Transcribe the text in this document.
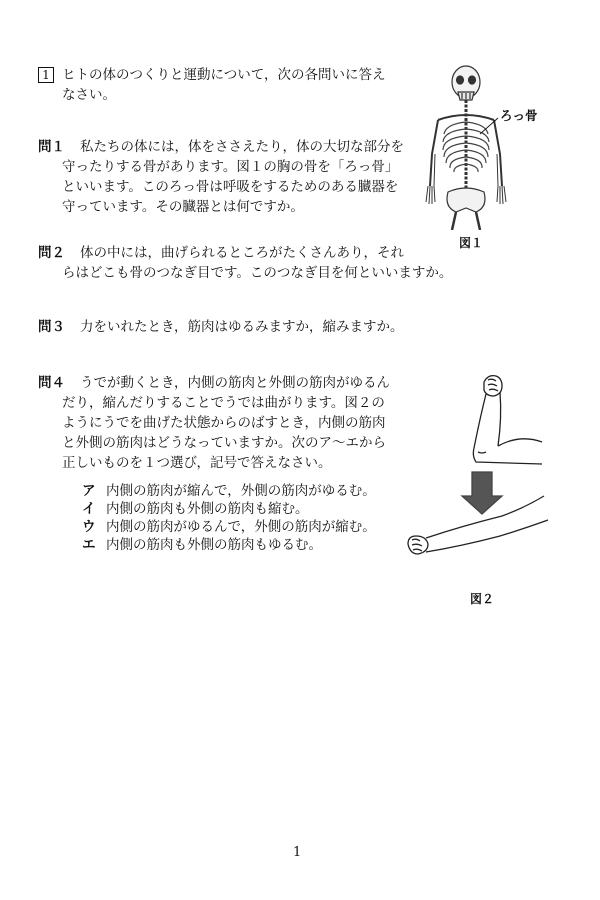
1 ヒトの体のつくりと運動について，次の各問いに答え
なさい。
問１ 私たちの体には，体をささえたり，体の大切な部分を
守ったりする骨があります。図１の胸の骨を「ろっ骨」
といいます。このろっ骨は呼吸をするためのある臓器を
守っています。その臓器とは何ですか。
問２ 体の中には，曲げられるところがたくさんあり，それ
らはどこも骨のつなぎ目です。このつなぎ目を何といいますか。
問３ 力をいれたとき，筋肉はゆるみますか，縮みますか。
問４ うでが動くとき，内側の筋肉と外側の筋肉がゆるん
だり，縮んだりすることでうでは曲がります。図２の
ようにうでを曲げた状態からのばすとき，内側の筋肉
と外側の筋肉はどうなっていますか。次のア～エから
正しいものを１つ選び，記号で答えなさい。
ア 内側の筋肉が縮んで，外側の筋肉がゆるむ。
イ 内側の筋肉も外側の筋肉も縮む。
ウ 内側の筋肉がゆるんで，外側の筋肉が縮む。
エ 内側の筋肉も外側の筋肉もゆるむ。
ろっ骨
図１
図２
1
